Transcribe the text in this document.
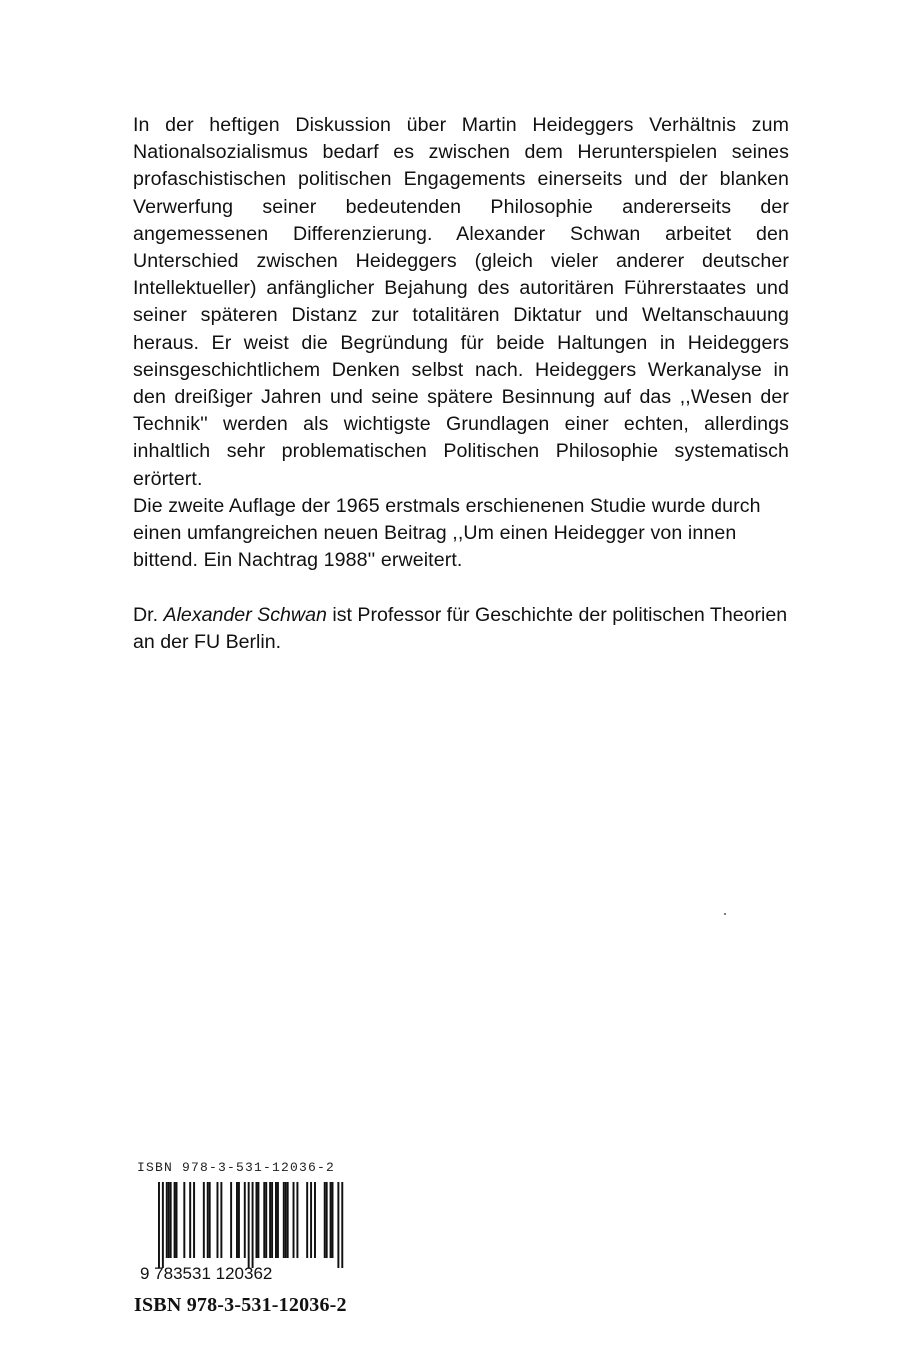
In der heftigen Diskussion über Martin Heideggers Verhältnis zum Nationalsozialismus bedarf es zwischen dem Herunterspielen seines profaschistischen politischen Engagements einerseits und der blanken Verwerfung seiner bedeutenden Philosophie andererseits der angemessenen Differenzierung. Alexander Schwan arbeitet den Unterschied zwischen Heideggers (gleich vieler anderer deutscher Intellektueller) anfänglicher Bejahung des autoritären Führerstaates und seiner späteren Distanz zur totalitären Diktatur und Weltanschauung heraus. Er weist die Begründung für beide Haltungen in Heideggers seinsgeschichtlichem Denken selbst nach. Heideggers Werkanalyse in den dreißiger Jahren und seine spätere Besinnung auf das ,,Wesen der Technik'' werden als wichtigste Grundlagen einer echten, allerdings inhaltlich sehr problematischen Politischen Philosophie systematisch erörtert.

Die zweite Auflage der 1965 erstmals erschienenen Studie wurde durch einen umfangreichen neuen Beitrag ,,Um einen Heidegger von innen bittend. Ein Nachtrag 1988'' erweitert.

Dr. Alexander Schwan ist Professor für Geschichte der politischen Theorien an der FU Berlin.
ISBN 978-3-531-12036-2
9 783531 120362
ISBN 978-3-531-12036-2
